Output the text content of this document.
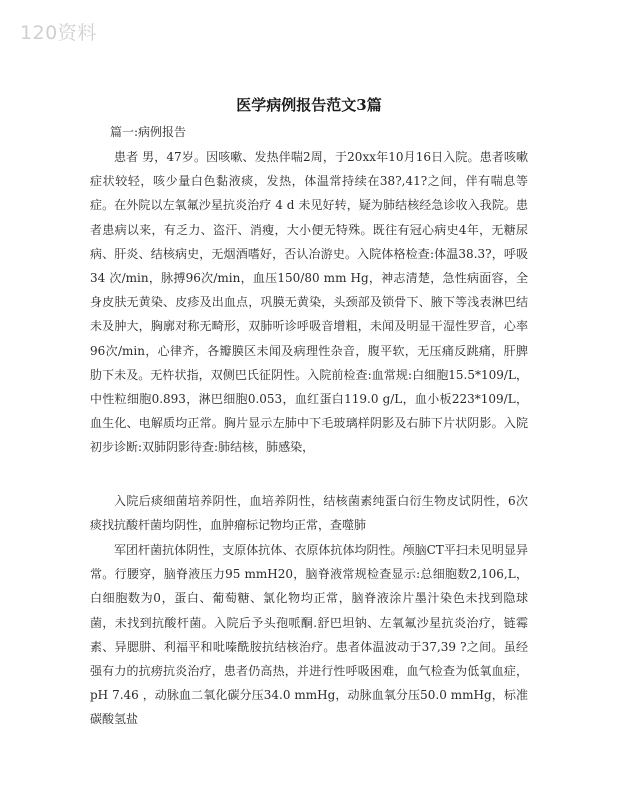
120资料
医学病例报告范文3篇
篇一:病例报告

患者 男，47岁。因咳嗽、发热伴喘2周，于20xx年10月16日入院。患者咳嗽症状较轻，咳少量白色黏液痰，发热，体温常持续在38?,41?之间，伴有喘息等症。在外院以左氧氟沙星抗炎治疗 4 d 未见好转，疑为肺结核经急诊收入我院。患者患病以来，有乏力、盗汗、消瘦，大小便无特殊。既往有冠心病史4年，无糖尿病、肝炎、结核病史，无烟酒嗜好，否认冶游史。入院体格检查:体温38.3?，呼吸34 次/min，脉搏96次/min，血压150/80 mm Hg，神志清楚，急性病面容，全身皮肤无黄染、皮疹及出血点，巩膜无黄染，头颈部及锁骨下、腋下等浅表淋巴结未及肿大，胸廓对称无畸形，双肺听诊呼吸音增粗，未闻及明显干湿性罗音，心率96次/min，心律齐，各瓣膜区未闻及病理性杂音，腹平软，无压痛反跳痛，肝脾肋下未及。无杵状指，双侧巴氏征阴性。入院前检查:血常规:白细胞15.5*109/L，中性粒细胞0.893，淋巴细胞0.053，血红蛋白119.0 g/L，血小板223*109/L，血生化、电解质均正常。胸片显示左肺中下毛玻璃样阴影及右肺下片状阴影。入院初步诊断:双肺阴影待查:肺结核，肺感染，

入院后痰细菌培养阴性，血培养阴性，结核菌素纯蛋白衍生物皮试阴性，6次痰找抗酸杆菌均阴性，血肿瘤标记物均正常，查噬肺

军团杆菌抗体阴性，支原体抗体、衣原体抗体均阴性。颅脑CT平扫未见明显异常。行腰穿，脑脊液压力95 mmH20，脑脊液常规检查显示:总细胞数2,106,L，白细胞数为0，蛋白、葡萄糖、氯化物均正常，脑脊液涂片墨汁染色未找到隐球菌，未找到抗酸杆菌。入院后予头孢哌酮.舒巴坦钠、左氧氟沙星抗炎治疗，链霉素、异腮肼、利福平和吡嗪酰胺抗结核治疗。患者体温波动于37,39 ?之间。虽经强有力的抗痨抗炎治疗，患者仍高热，并进行性呼吸困难，血气检查为低氧血症，pH 7.46 ，动脉血二氧化碳分压34.0 mmHg，动脉血氧分压50.0 mmHg，标准碳酸氢盐
